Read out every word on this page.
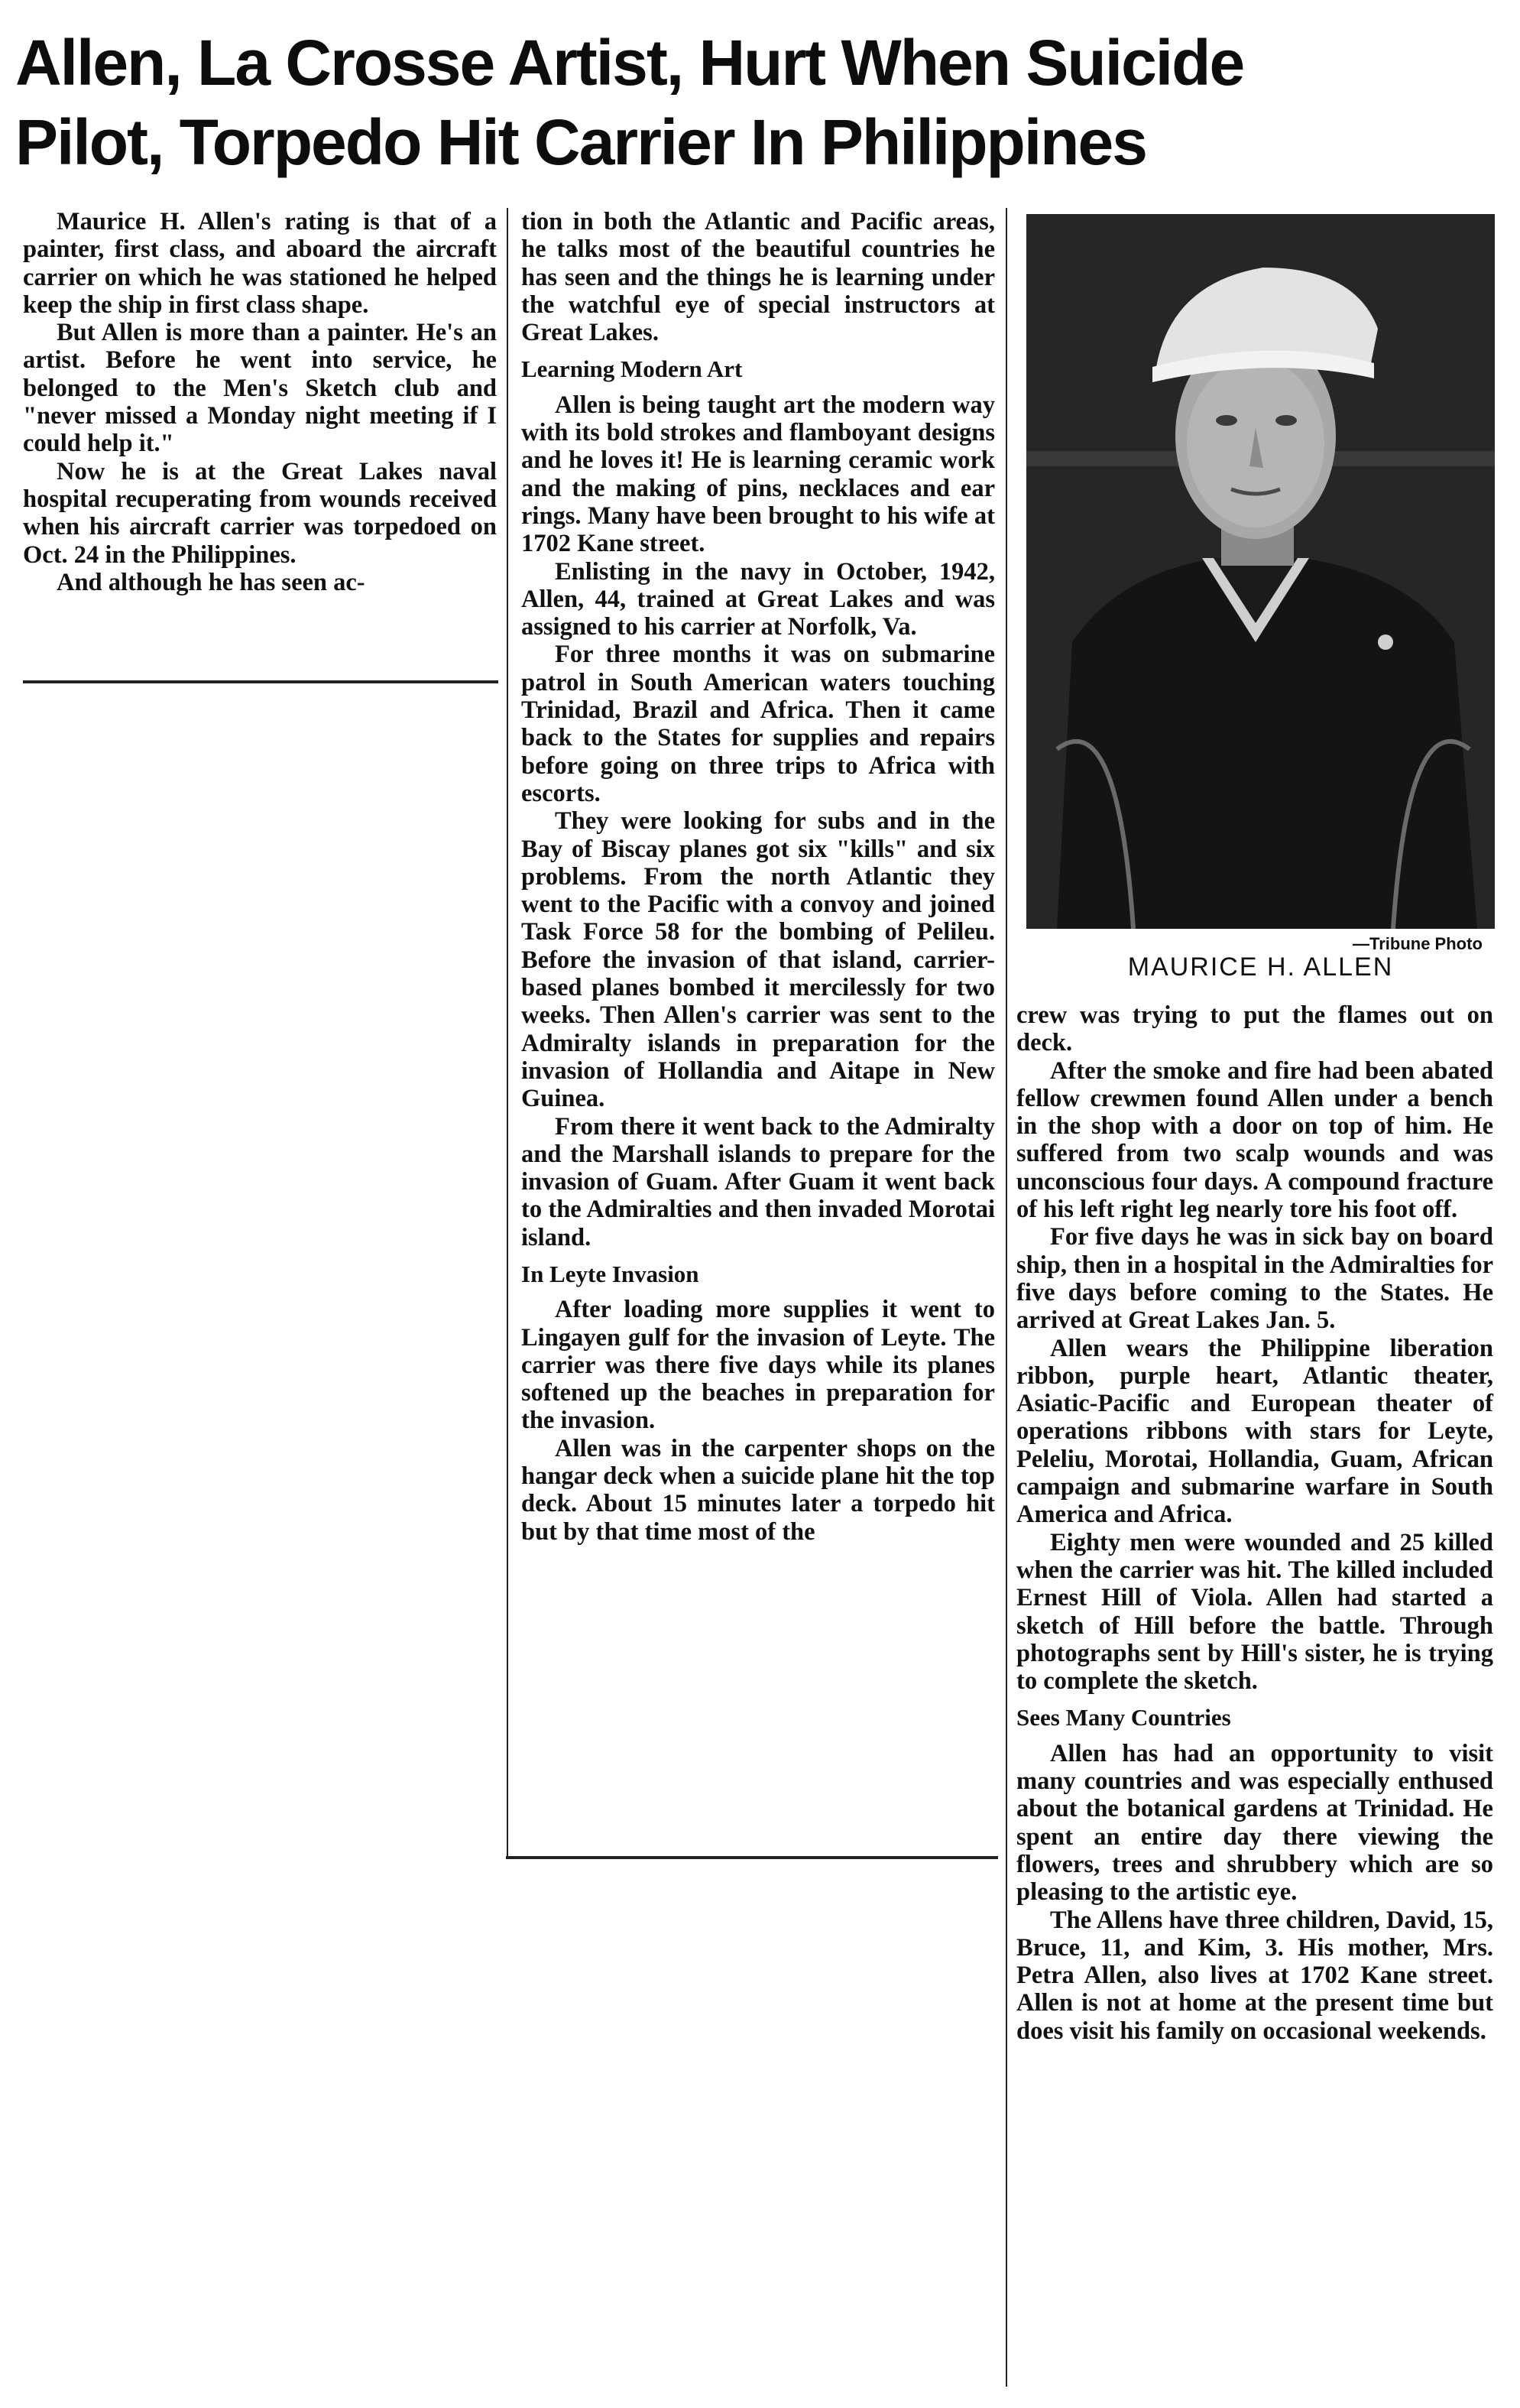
Allen, La Crosse Artist, Hurt When Suicide
Pilot, Torpedo Hit Carrier In Philippines

Maurice H. Allen's rating is that of a painter, first class, and aboard the aircraft carrier on which he was stationed he helped keep the ship in first class shape.

But Allen is more than a painter. He's an artist. Before he went into service, he belonged to the Men's Sketch club and "never missed a Monday night meeting if I could help it."

Now he is at the Great Lakes naval hospital recuperating from wounds received when his aircraft carrier was torpedoed on Oct. 24 in the Philippines.

And although he has seen ac-

tion in both the Atlantic and Pacific areas, he talks most of the beautiful countries he has seen and the things he is learning under the watchful eye of special instructors at Great Lakes.

Learning Modern Art

Allen is being taught art the modern way with its bold strokes and flamboyant designs and he loves it! He is learning ceramic work and the making of pins, necklaces and ear rings. Many have been brought to his wife at 1702 Kane street.

Enlisting in the navy in October, 1942, Allen, 44, trained at Great Lakes and was assigned to his carrier at Norfolk, Va.

For three months it was on submarine patrol in South American waters touching Trinidad, Brazil and Africa. Then it came back to the States for supplies and repairs before going on three trips to Africa with escorts.

They were looking for subs and in the Bay of Biscay planes got six "kills" and six problems. From the north Atlantic they went to the Pacific with a convoy and joined Task Force 58 for the bombing of Pelileu. Before the invasion of that island, carrier-based planes bombed it mercilessly for two weeks. Then Allen's carrier was sent to the Admiralty islands in preparation for the invasion of Hollandia and Aitape in New Guinea.

From there it went back to the Admiralty and the Marshall islands to prepare for the invasion of Guam. After Guam it went back to the Admiralties and then invaded Morotai island.

In Leyte Invasion

After loading more supplies it went to Lingayen gulf for the invasion of Leyte. The carrier was there five days while its planes softened up the beaches in preparation for the invasion.

Allen was in the carpenter shops on the hangar deck when a suicide plane hit the top deck. About 15 minutes later a torpedo hit but by that time most of the

—Tribune Photo
MAURICE H. ALLEN

crew was trying to put the flames out on deck.

After the smoke and fire had been abated fellow crewmen found Allen under a bench in the shop with a door on top of him. He suffered from two scalp wounds and was unconscious four days. A compound fracture of his left right leg nearly tore his foot off.

For five days he was in sick bay on board ship, then in a hospital in the Admiralties for five days before coming to the States. He arrived at Great Lakes Jan. 5.

Allen wears the Philippine liberation ribbon, purple heart, Atlantic theater, Asiatic-Pacific and European theater of operations ribbons with stars for Leyte, Peleliu, Morotai, Hollandia, Guam, African campaign and submarine warfare in South America and Africa.

Eighty men were wounded and 25 killed when the carrier was hit. The killed included Ernest Hill of Viola. Allen had started a sketch of Hill before the battle. Through photographs sent by Hill's sister, he is trying to complete the sketch.

Sees Many Countries

Allen has had an opportunity to visit many countries and was especially enthused about the botanical gardens at Trinidad. He spent an entire day there viewing the flowers, trees and shrubbery which are so pleasing to the artistic eye.

The Allens have three children, David, 15, Bruce, 11, and Kim, 3. His mother, Mrs. Petra Allen, also lives at 1702 Kane street. Allen is not at home at the present time but does visit his family on occasional weekends.
